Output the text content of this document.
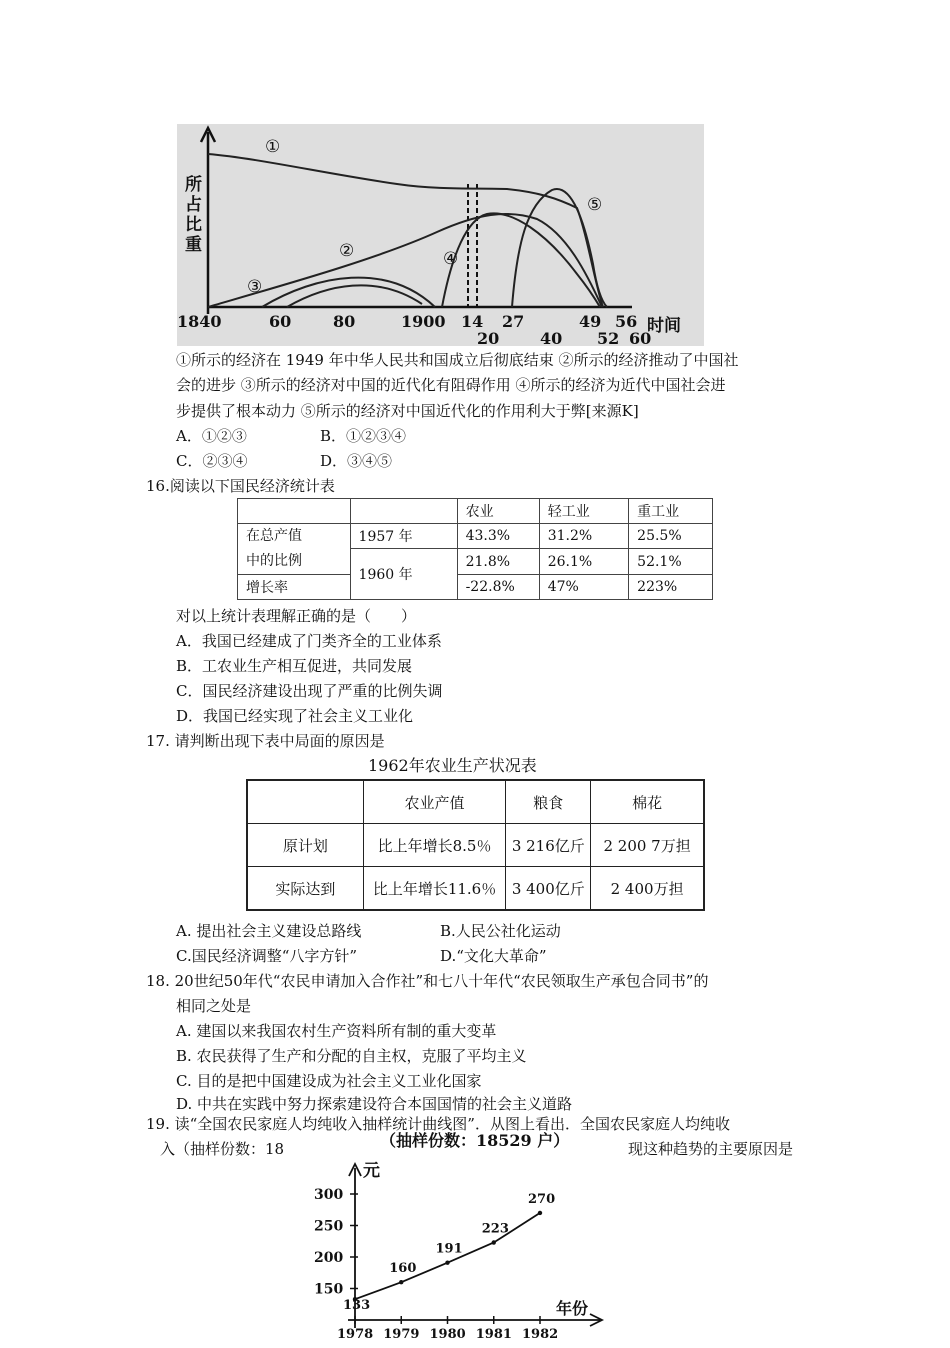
①
②
③
④
⑤
所
占
比
重
1840	60	80	1900 14 27	49 56 时间
20	40 52 60
①所示的经济在 1949 年中华人民共和国成立后彻底结束 ②所示的经济推动了中国社
会的进步 ③所示的经济对中国的近代化有阻碍作用 ④所示的经济为近代中国社会进
步提供了根本动力 ⑤所示的经济对中国近代化的作用利大于弊[来源K]
A．①②③	B．①②③④
C．②③④	D．③④⑤
16.阅读以下国民经济统计表
		农业	轻工业	重工业

在总产值
中的比例	1957 年	43.3%	31.2%	25.5%
	1960 年	21.8%	26.1%	52.1%
增长率		-22.8%	47%	223%
对以上统计表理解正确的是（　　）
A．我国已经建成了门类齐全的工业体系
B．工农业生产相互促进，共同发展
C．国民经济建设出现了严重的比例失调
D．我国已经实现了社会主义工业化
17. 请判断出现下表中局面的原因是
1962年农业生产状况表
	农业产值	粮食	棉花
原计划	比上年增长8.5％	3 216亿斤	2 200 7万担
实际达到	比上年增长11.6％	3 400亿斤	2 400万担
A. 提出社会主义建设总路线	B.人民公社化运动
C.国民经济调整“八字方针”	D.“文化大革命”
18. 20世纪50年代“农民申请加入合作社”和七八十年代“农民领取生产承包合同书”的
相同之处是
A. 建国以来我国农村生产资料所有制的重大变革
B. 农民获得了生产和分配的自主权，克服了平均主义
C. 目的是把中国建设成为社会主义工业化国家
D. 中共在实践中努力探索建设符合本国国情的社会主义道路
19. 读“全国农民家庭人均纯收入抽样统计曲线图”．从图上看出．全国农民家庭人均纯收
入（抽样份数：18	现这种趋势的主要原因是
（抽样份数：18529 户）
元
年份
300
250
200
150
1978 1979 1980 1981 1982
133
160
191
223
270
